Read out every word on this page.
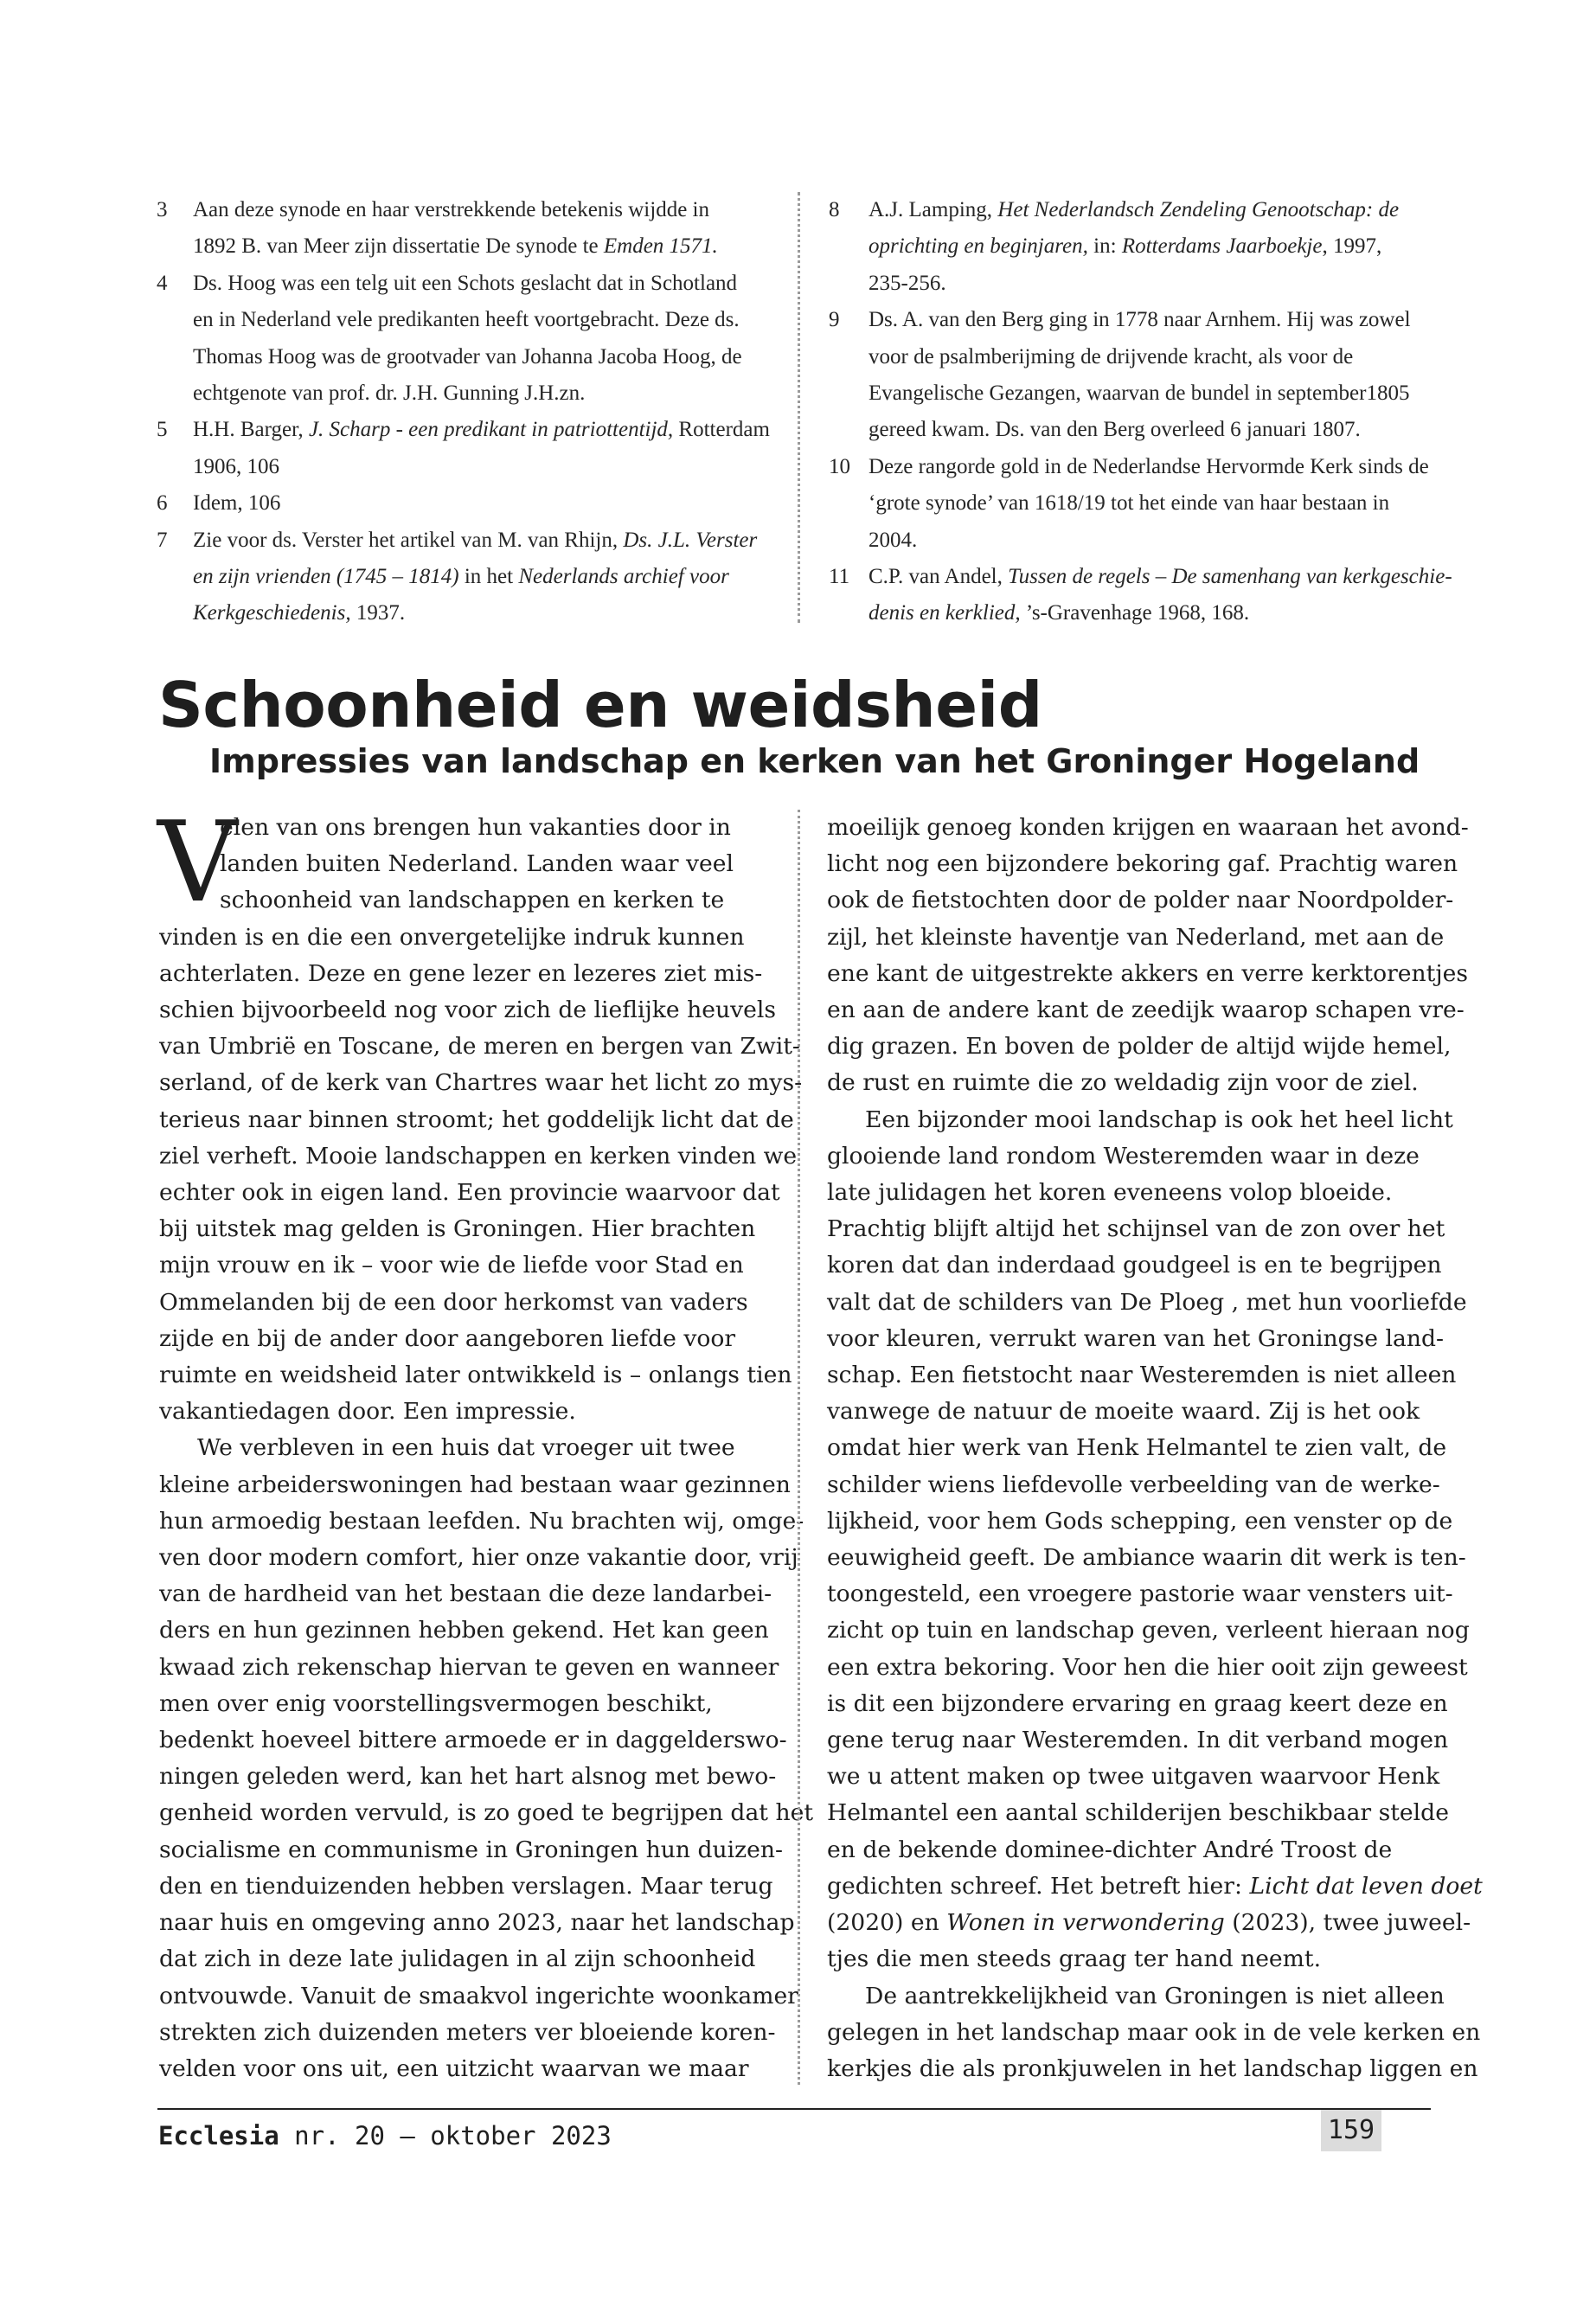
3	Aan deze synode en haar verstrekkende betekenis wijdde in
1892 B. van Meer zijn dissertatie De synode te Emden 1571.
4	Ds. Hoog was een telg uit een Schots geslacht dat in Schotland
en in Nederland vele predikanten heeft voortgebracht. Deze ds.
Thomas Hoog was de grootvader van Johanna Jacoba Hoog, de
echtgenote van prof. dr. J.H. Gunning J.H.zn.
5	H.H. Barger, J. Scharp - een predikant in patriottentijd, Rotterdam
1906, 106
6	Idem, 106
7	Zie voor ds. Verster het artikel van M. van Rhijn, Ds. J.L. Verster
en zijn vrienden (1745 – 1814) in het Nederlands archief voor
Kerkgeschiedenis, 1937.
8	A.J. Lamping, Het Nederlandsch Zendeling Genootschap: de
oprichting en beginjaren, in: Rotterdams Jaarboekje, 1997,
235-256.
9	Ds. A. van den Berg ging in 1778 naar Arnhem. Hij was zowel
voor de psalmberijming de drijvende kracht, als voor de
Evangelische Gezangen, waarvan de bundel in september1805
gereed kwam. Ds. van den Berg overleed 6 januari 1807.
10 Deze rangorde gold in de Nederlandse Hervormde Kerk sinds de
‘grote synode’ van 1618/19 tot het einde van haar bestaan in
2004.
11 C.P. van Andel, Tussen de regels – De samenhang van kerkgeschie-
denis en kerklied, ’s-Gravenhage 1968, 168.
Schoonheid en weidsheid
Impressies van landschap en kerken van het Groninger Hogeland
V
elen van ons brengen hun vakanties door in
landen buiten Nederland. Landen waar veel
schoonheid van landschappen en kerken te
vinden is en die een onvergetelijke indruk kunnen
achterlaten. Deze en gene lezer en lezeres ziet mis-
schien bijvoorbeeld nog voor zich de lieflijke heuvels
van Umbrië en Toscane, de meren en bergen van Zwit-
serland, of de kerk van Chartres waar het licht zo mys-
terieus naar binnen stroomt; het goddelijk licht dat de
ziel verheft. Mooie landschappen en kerken vinden we
echter ook in eigen land. Een provincie waarvoor dat
bij uitstek mag gelden is Groningen. Hier brachten
mijn vrouw en ik – voor wie de liefde voor Stad en
Ommelanden bij de een door herkomst van vaders
zijde en bij de ander door aangeboren liefde voor
ruimte en weidsheid later ontwikkeld is – onlangs tien
vakantiedagen door. Een impressie.
We verbleven in een huis dat vroeger uit twee
kleine arbeiderswoningen had bestaan waar gezinnen
hun armoedig bestaan leefden. Nu brachten wij, omge-
ven door modern comfort, hier onze vakantie door, vrij
van de hardheid van het bestaan die deze landarbei-
ders en hun gezinnen hebben gekend. Het kan geen
kwaad zich rekenschap hiervan te geven en wanneer
men over enig voorstellingsvermogen beschikt,
bedenkt hoeveel bittere armoede er in daggelderswo-
ningen geleden werd, kan het hart alsnog met bewo-
genheid worden vervuld, is zo goed te begrijpen dat het
socialisme en communisme in Groningen hun duizen-
den en tienduizenden hebben verslagen. Maar terug
naar huis en omgeving anno 2023, naar het landschap
dat zich in deze late julidagen in al zijn schoonheid
ontvouwde. Vanuit de smaakvol ingerichte woonkamer
strekten zich duizenden meters ver bloeiende koren-
velden voor ons uit, een uitzicht waarvan we maar
moeilijk genoeg konden krijgen en waaraan het avond-
licht nog een bijzondere bekoring gaf. Prachtig waren
ook de fietstochten door de polder naar Noordpolder-
zijl, het kleinste haventje van Nederland, met aan de
ene kant de uitgestrekte akkers en verre kerktorentjes
en aan de andere kant de zeedijk waarop schapen vre-
dig grazen. En boven de polder de altijd wijde hemel,
de rust en ruimte die zo weldadig zijn voor de ziel.
Een bijzonder mooi landschap is ook het heel licht
glooiende land rondom Westeremden waar in deze
late julidagen het koren eveneens volop bloeide.
Prachtig blijft altijd het schijnsel van de zon over het
koren dat dan inderdaad goudgeel is en te begrijpen
valt dat de schilders van De Ploeg , met hun voorliefde
voor kleuren, verrukt waren van het Groningse land-
schap. Een fietstocht naar Westeremden is niet alleen
vanwege de natuur de moeite waard. Zij is het ook
omdat hier werk van Henk Helmantel te zien valt, de
schilder wiens liefdevolle verbeelding van de werke-
lijkheid, voor hem Gods schepping, een venster op de
eeuwigheid geeft. De ambiance waarin dit werk is ten-
toongesteld, een vroegere pastorie waar vensters uit-
zicht op tuin en landschap geven, verleent hieraan nog
een extra bekoring. Voor hen die hier ooit zijn geweest
is dit een bijzondere ervaring en graag keert deze en
gene terug naar Westeremden. In dit verband mogen
we u attent maken op twee uitgaven waarvoor Henk
Helmantel een aantal schilderijen beschikbaar stelde
en de bekende dominee-dichter André Troost de
gedichten schreef. Het betreft hier: Licht dat leven doet
(2020) en Wonen in verwondering (2023), twee juweel-
tjes die men steeds graag ter hand neemt.
De aantrekkelijkheid van Groningen is niet alleen
gelegen in het landschap maar ook in de vele kerken en
kerkjes die als pronkjuwelen in het landschap liggen en
Ecclesia nr. 20 – oktober 2023	159
